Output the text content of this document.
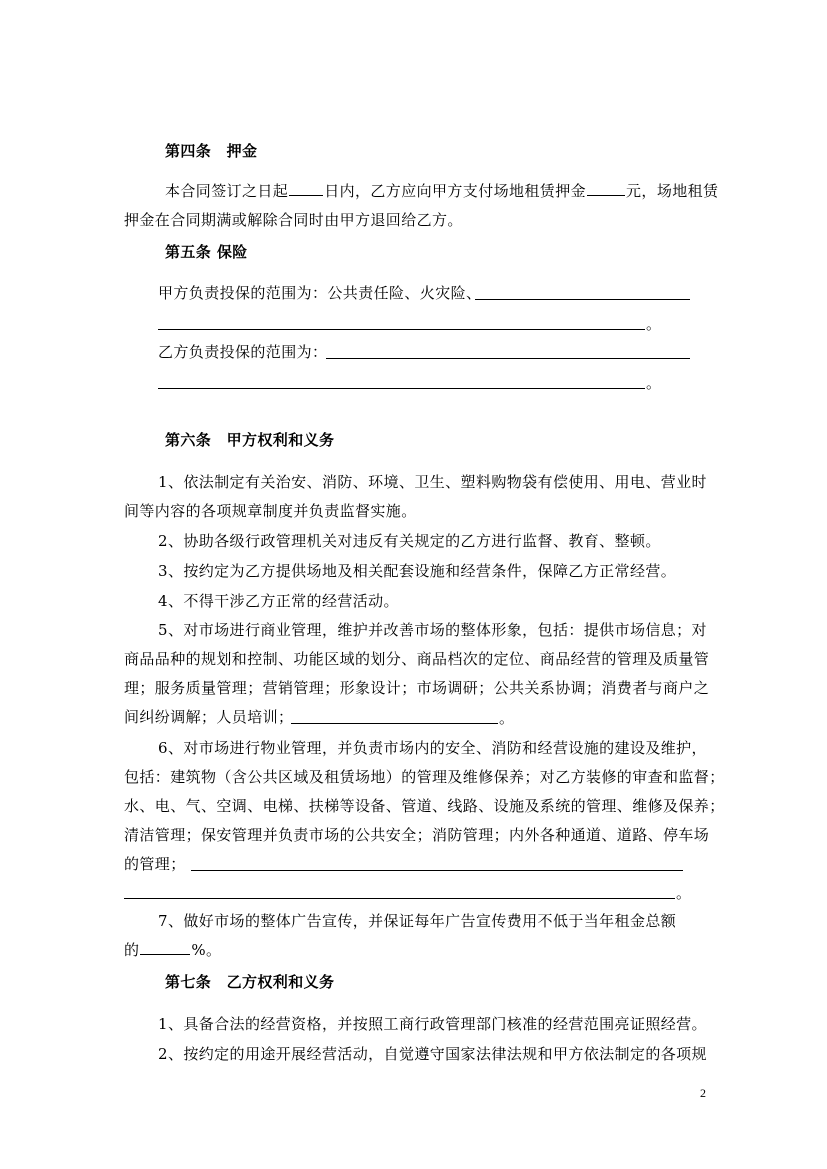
第四条　押金
本合同签订之日起 日内，乙方应向甲方支付场地租赁押金	元，场地租赁
押金在合同期满或解除合同时由甲方退回给乙方。
第五条 保险
甲方负责投保的范围为：公共责任险、火灾险、
。
乙方负责投保的范围为：
。
第六条　甲方权利和义务
1、依法制定有关治安、消防、环境、卫生、塑料购物袋有偿使用、用电、营业时
间等内容的各项规章制度并负责监督实施。
2、协助各级行政管理机关对违反有关规定的乙方进行监督、教育、整顿。
3、按约定为乙方提供场地及相关配套设施和经营条件，保障乙方正常经营。
4、不得干涉乙方正常的经营活动。
5、对市场进行商业管理，维护并改善市场的整体形象，包括：提供市场信息；对
商品品种的规划和控制、功能区域的划分、商品档次的定位、商品经营的管理及质量管
理；服务质量管理；营销管理；形象设计；市场调研；公共关系协调；消费者与商户之
间纠纷调解；人员培训；	。
6、对市场进行物业管理，并负责市场内的安全、消防和经营设施的建设及维护，
包括：建筑物（含公共区域及租赁场地）的管理及维修保养；对乙方装修的审查和监督；
水、电、气、空调、电梯、扶梯等设备、管道、线路、设施及系统的管理、维修及保养；
清洁管理；保安管理并负责市场的公共安全；消防管理；内外各种通道、道路、停车场
的管理；
。
7、做好市场的整体广告宣传，并保证每年广告宣传费用不低于当年租金总额
的	%。
第七条　乙方权利和义务
1、具备合法的经营资格，并按照工商行政管理部门核准的经营范围亮证照经营。
2、按约定的用途开展经营活动，自觉遵守国家法律法规和甲方依法制定的各项规
2
